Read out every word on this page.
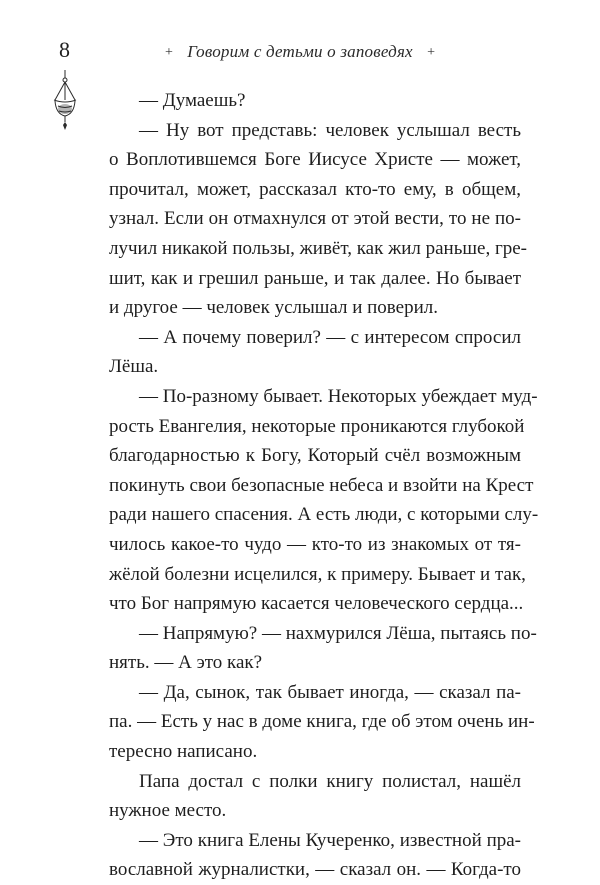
8	+ Говорим с детьми о заповедях +
— Думаешь?
— Ну вот представь: человек услышал весть
о Воплотившемся Боге Иисусе Христе — может,
прочитал, может, рассказал кто-то ему, в общем,
узнал. Если он отмахнулся от этой вести, то не по-
лучил никакой пользы, живёт, как жил раньше, гре-
шит, как и грешил раньше, и так далее. Но бывает
и другое — человек услышал и поверил.
— А почему поверил? — с интересом спросил
Лёша.
— По-разному бывает. Некоторых убеждает муд-
рость Евангелия, некоторые проникаются глубокой
благодарностью к Богу, Который счёл возможным
покинуть свои безопасные небеса и взойти на Крест
ради нашего спасения. А есть люди, с которыми слу-
чилось какое-то чудо — кто-то из знакомых от тя-
жёлой болезни исцелился, к примеру. Бывает и так,
что Бог напрямую касается человеческого сердца...
— Напрямую? — нахмурился Лёша, пытаясь по-
нять. — А это как?
— Да, сынок, так бывает иногда, — сказал па-
па. — Есть у нас в доме книга, где об этом очень ин-
тересно написано.
Папа достал с полки книгу полистал, нашёл
нужное место.
— Это книга Елены Кучеренко, известной пра-
вославной журналистки, — сказал он. — Когда-то
